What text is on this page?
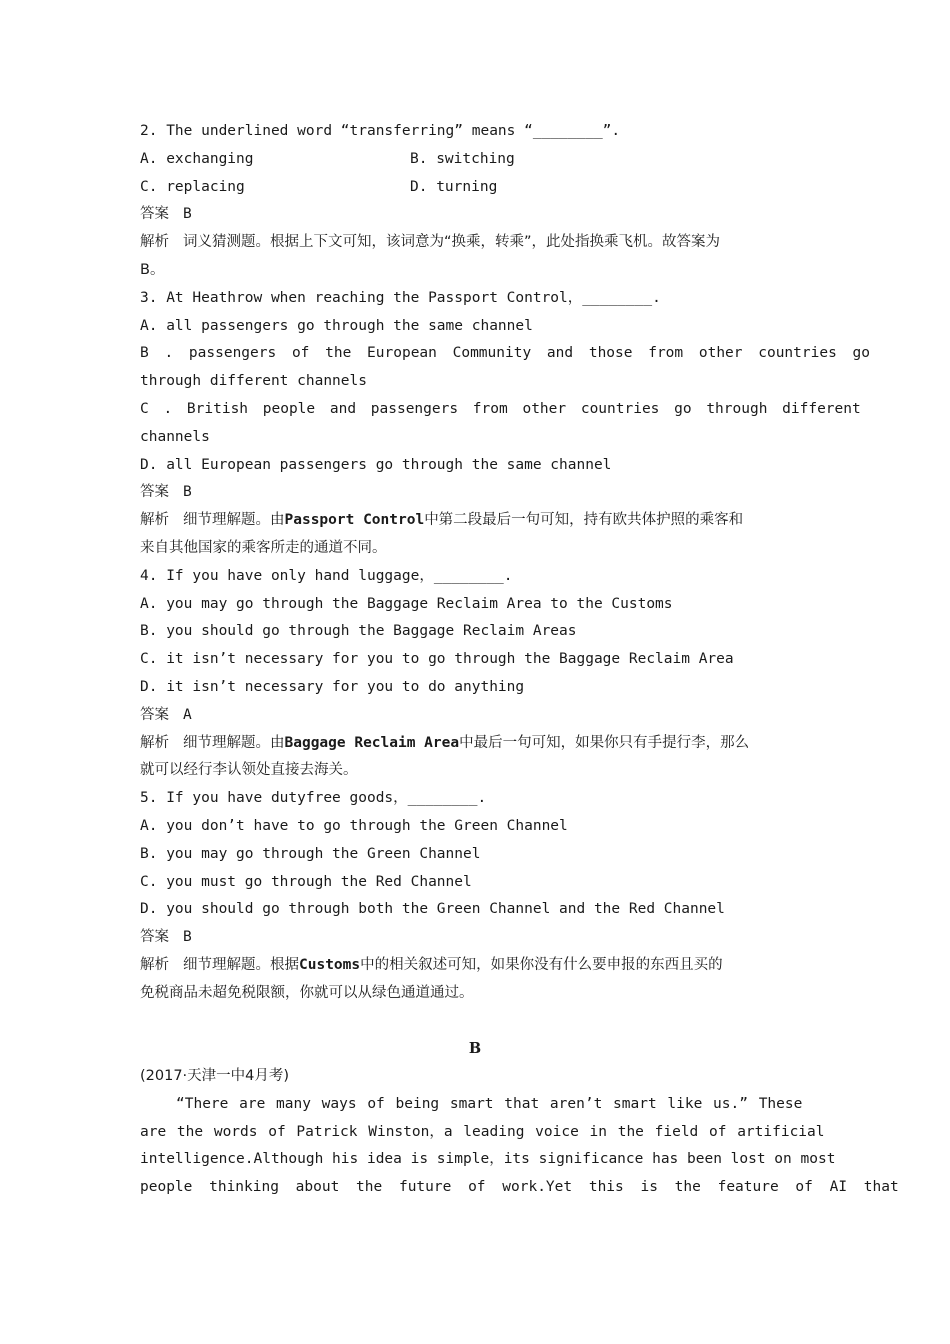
2. The underlined word “transferring” means “________”.
A. exchanging	B. switching
C. replacing	D. turning
答案 B
解析 词义猜测题。根据上下文可知，该词意为“换乘，转乘”，此处指换乘飞机。故答案为
B。
3. At Heathrow when reaching the Passport Control，________.
A. all passengers go through the same channel
B . passengers of the European Community and those from other countries go
through different channels
C . British people and passengers from other countries go through different
channels
D. all European passengers go through the same channel
答案 B
解析 细节理解题。由Passport Control中第二段最后一句可知，持有欧共体护照的乘客和
来自其他国家的乘客所走的通道不同。
4. If you have only hand luggage，________.
A. you may go through the Baggage Reclaim Area to the Customs
B. you should go through the Baggage Reclaim Areas
C. it isn’t necessary for you to go through the Baggage Reclaim Area
D. it isn’t necessary for you to do anything
答案 A
解析 细节理解题。由Baggage Reclaim Area中最后一句可知，如果你只有手提行李，那么
就可以经行李认领处直接去海关。
5. If you have dutyfree goods，________.
A. you don’t have to go through the Green Channel
B. you may go through the Green Channel
C. you must go through the Red Channel
D. you should go through both the Green Channel and the Red Channel
答案 B
解析 细节理解题。根据Customs中的相关叙述可知，如果你没有什么要申报的东西且买的
免税商品未超免税限额，你就可以从绿色通道通过。
B
(2017·天津一中4月考)
“There are many ways of being smart that aren’t smart like us.” These
are the words of Patrick Winston，a leading voice in the field of artificial
intelligence.Although his idea is simple，its significance has been lost on most
people thinking about the future of work.Yet this is the feature of AI that
